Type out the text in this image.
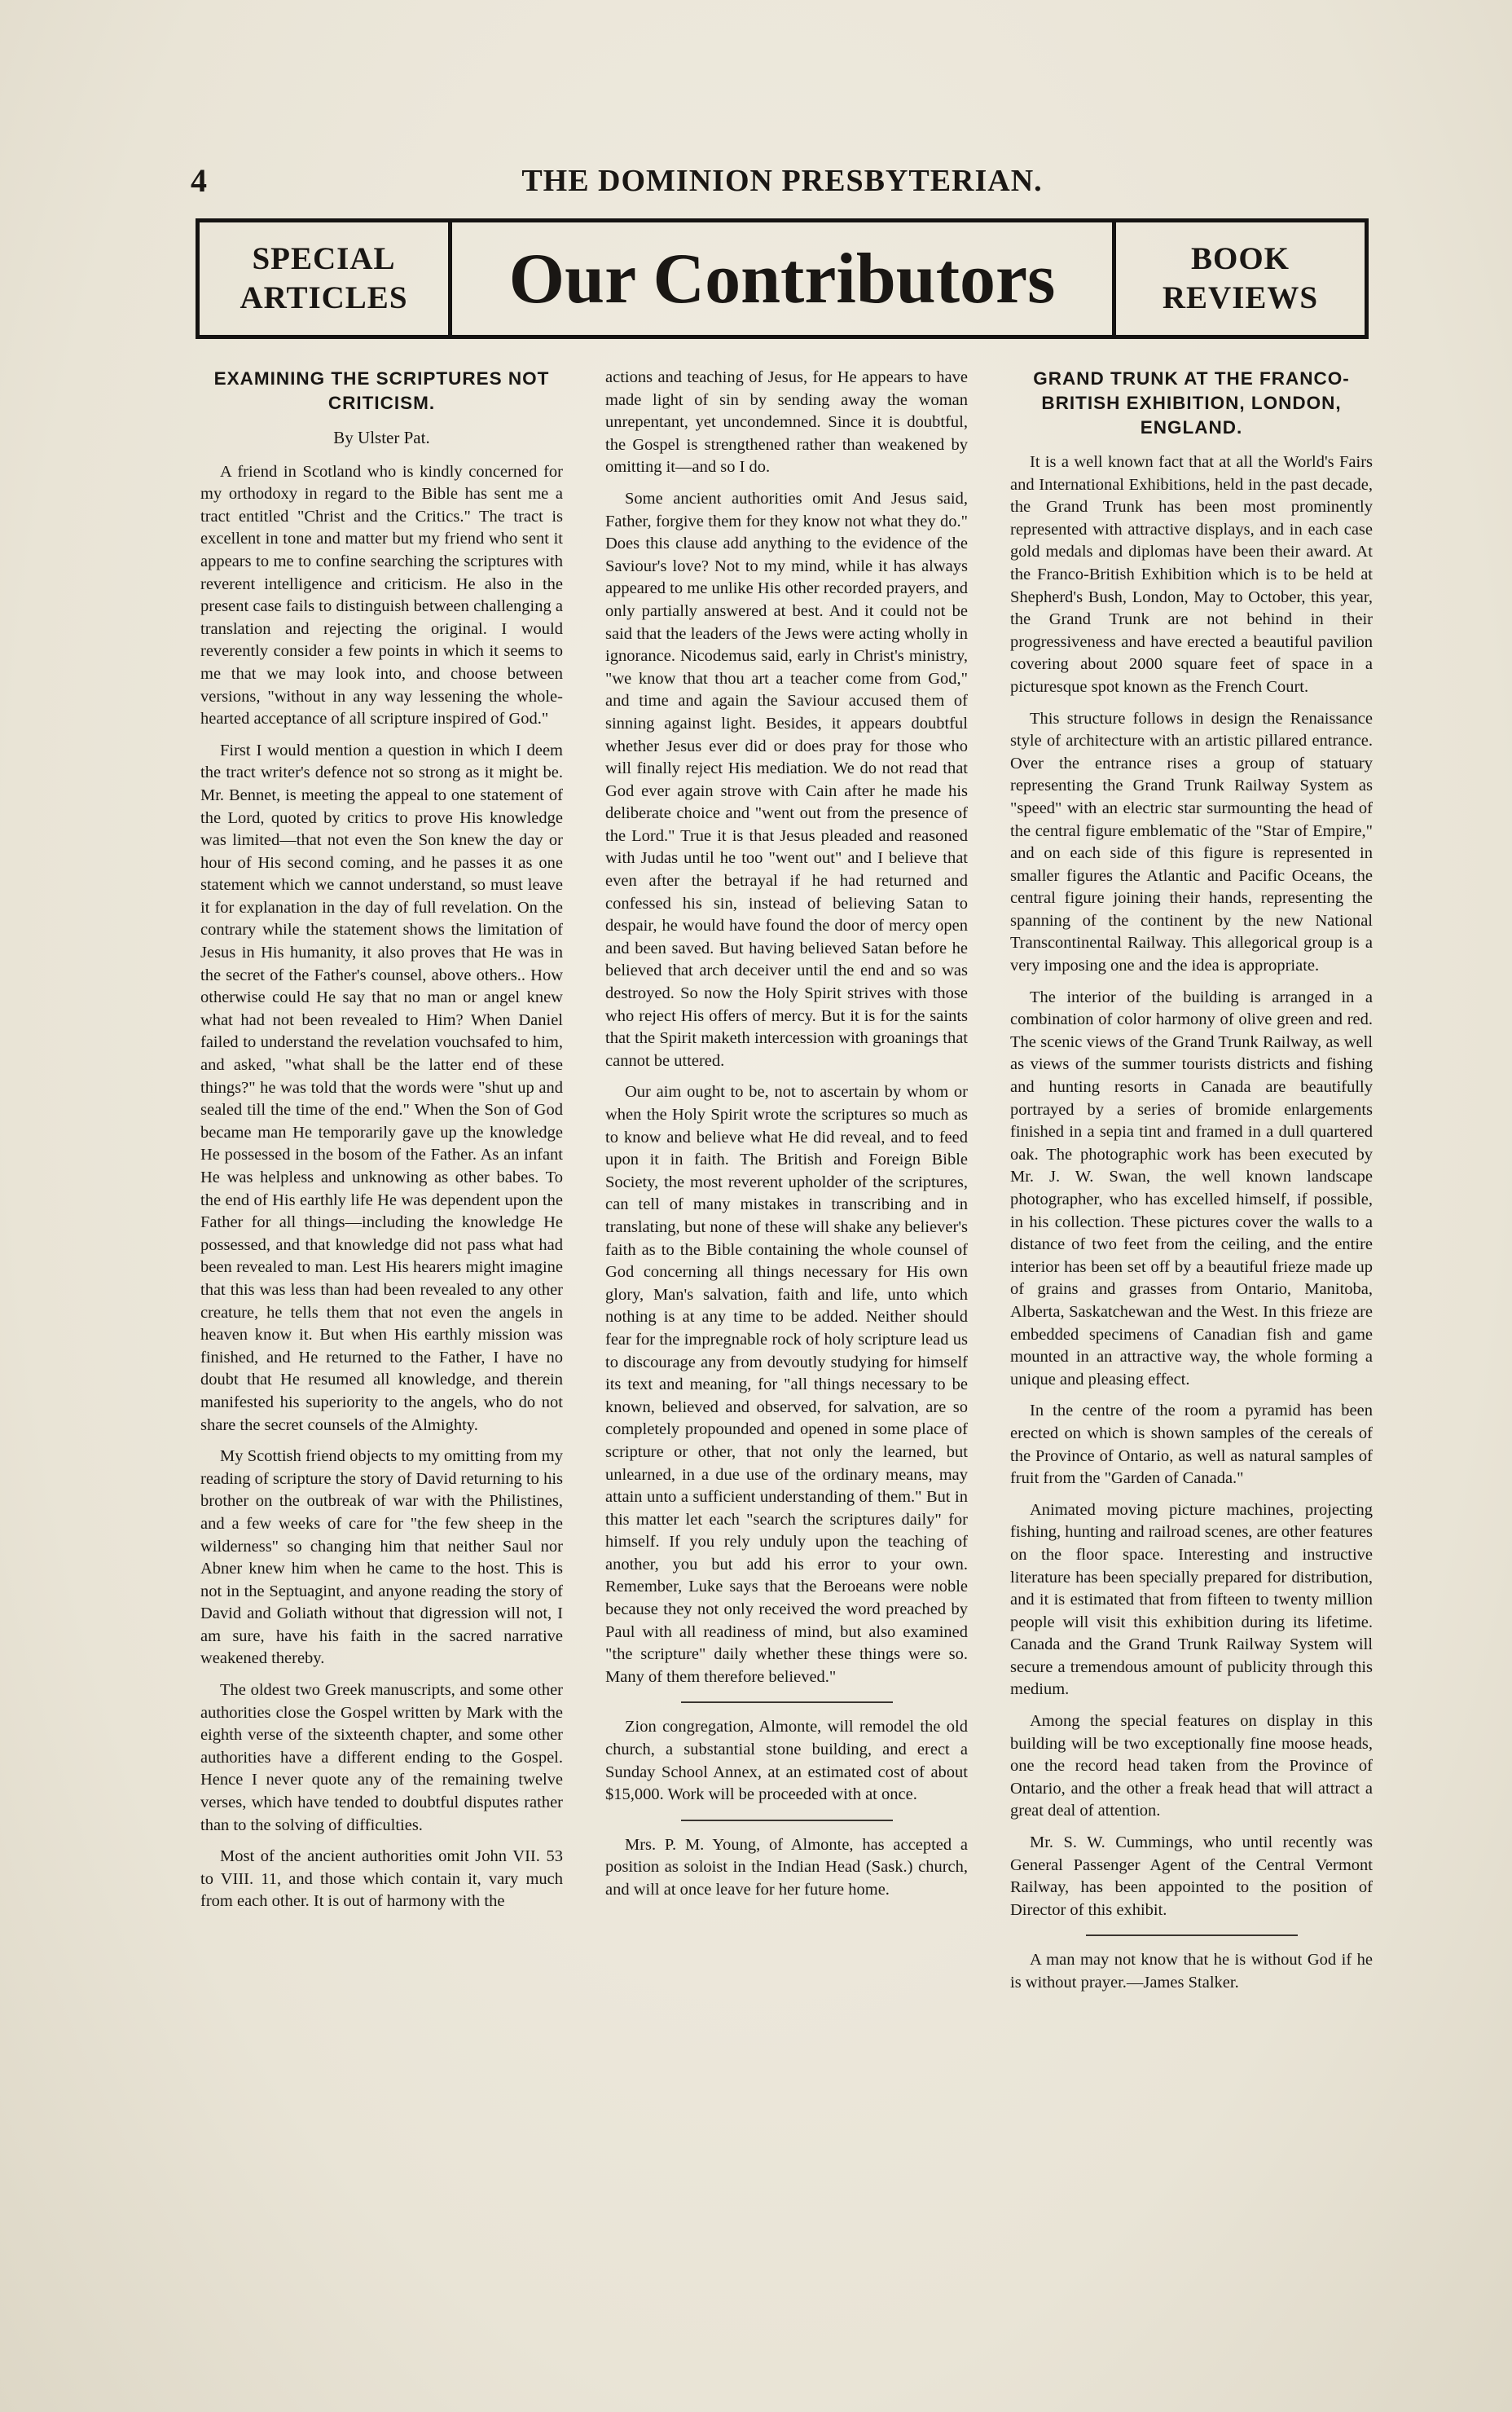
4	THE DOMINION PRESBYTERIAN.
SPECIAL
ARTICLES	Our Contributors	BOOK
REVIEWS
EXAMINING THE SCRIPTURES NOT CRITICISM.
By Ulster Pat.

A friend in Scotland who is kindly concerned for my orthodoxy in regard to the Bible has sent me a tract entitled "Christ and the Critics." The tract is excellent in tone and matter but my friend who sent it appears to me to confine searching the scriptures with reverent intelligence and criticism. He also in the present case fails to distinguish between challenging a translation and rejecting the original. I would reverently consider a few points in which it seems to me that we may look into, and choose between versions, "without in any way lessening the whole-hearted acceptance of all scripture inspired of God."

First I would mention a question in which I deem the tract writer's defence not so strong as it might be. Mr. Bennet, is meeting the appeal to one statement of the Lord, quoted by critics to prove His knowledge was limited—that not even the Son knew the day or hour of His second coming, and he passes it as one statement which we cannot understand, so must leave it for explanation in the day of full revelation. On the contrary while the statement shows the limitation of Jesus in His humanity, it also proves that He was in the secret of the Father's counsel, above others.. How otherwise could He say that no man or angel knew what had not been revealed to Him? When Daniel failed to understand the revelation vouchsafed to him, and asked, "what shall be the latter end of these things?" he was told that the words were "shut up and sealed till the time of the end." When the Son of God became man He temporarily gave up the knowledge He possessed in the bosom of the Father. As an infant He was helpless and unknowing as other babes. To the end of His earthly life He was dependent upon the Father for all things—including the knowledge He possessed, and that knowledge did not pass what had been revealed to man. Lest His hearers might imagine that this was less than had been revealed to any other creature, he tells them that not even the angels in heaven know it. But when His earthly mission was finished, and He returned to the Father, I have no doubt that He resumed all knowledge, and therein manifested his superiority to the angels, who do not share the secret counsels of the Almighty.

My Scottish friend objects to my omitting from my reading of scripture the story of David returning to his brother on the outbreak of war with the Philistines, and a few weeks of care for "the few sheep in the wilderness" so changing him that neither Saul nor Abner knew him when he came to the host. This is not in the Septuagint, and anyone reading the story of David and Goliath without that digression will not, I am sure, have his faith in the sacred narrative weakened thereby.

The oldest two Greek manuscripts, and some other authorities close the Gospel written by Mark with the eighth verse of the sixteenth chapter, and some other authorities have a different ending to the Gospel. Hence I never quote any of the remaining twelve verses, which have tended to doubtful disputes rather than to the solving of difficulties.

Most of the ancient authorities omit John VII. 53 to VIII. 11, and those which contain it, vary much from each other. It is out of harmony with the

actions and teaching of Jesus, for He appears to have made light of sin by sending away the woman unrepentant, yet uncondemned. Since it is doubtful, the Gospel is strengthened rather than weakened by omitting it—and so I do.

Some ancient authorities omit And Jesus said, Father, forgive them for they know not what they do." Does this clause add anything to the evidence of the Saviour's love? Not to my mind, while it has always appeared to me unlike His other recorded prayers, and only partially answered at best. And it could not be said that the leaders of the Jews were acting wholly in ignorance. Nicodemus said, early in Christ's ministry, "we know that thou art a teacher come from God," and time and again the Saviour accused them of sinning against light. Besides, it appears doubtful whether Jesus ever did or does pray for those who will finally reject His mediation. We do not read that God ever again strove with Cain after he made his deliberate choice and "went out from the presence of the Lord." True it is that Jesus pleaded and reasoned with Judas until he too "went out" and I believe that even after the betrayal if he had returned and confessed his sin, instead of believing Satan to despair, he would have found the door of mercy open and been saved. But having believed Satan before he believed that arch deceiver until the end and so was destroyed. So now the Holy Spirit strives with those who reject His offers of mercy. But it is for the saints that the Spirit maketh intercession with groanings that cannot be uttered.

Our aim ought to be, not to ascertain by whom or when the Holy Spirit wrote the scriptures so much as to know and believe what He did reveal, and to feed upon it in faith. The British and Foreign Bible Society, the most reverent upholder of the scriptures, can tell of many mistakes in transcribing and in translating, but none of these will shake any believer's faith as to the Bible containing the whole counsel of God concerning all things necessary for His own glory, Man's salvation, faith and life, unto which nothing is at any time to be added. Neither should fear for the impregnable rock of holy scripture lead us to discourage any from devoutly studying for himself its text and meaning, for "all things necessary to be known, believed and observed, for salvation, are so completely propounded and opened in some place of scripture or other, that not only the learned, but unlearned, in a due use of the ordinary means, may attain unto a sufficient understanding of them." But in this matter let each "search the scriptures daily" for himself. If you rely unduly upon the teaching of another, you but add his error to your own. Remember, Luke says that the Beroeans were noble because they not only received the word preached by Paul with all readiness of mind, but also examined "the scripture" daily whether these things were so. Many of them therefore believed."

Zion congregation, Almonte, will remodel the old church, a substantial stone building, and erect a Sunday School Annex, at an estimated cost of about $15,000. Work will be proceeded with at once.

Mrs. P. M. Young, of Almonte, has accepted a position as soloist in the Indian Head (Sask.) church, and will at once leave for her future home.

GRAND TRUNK AT THE FRANCO-BRITISH EXHIBITION, LONDON, ENGLAND.

It is a well known fact that at all the World's Fairs and International Exhibitions, held in the past decade, the Grand Trunk has been most prominently represented with attractive displays, and in each case gold medals and diplomas have been their award. At the Franco-British Exhibition which is to be held at Shepherd's Bush, London, May to October, this year, the Grand Trunk are not behind in their progressiveness and have erected a beautiful pavilion covering about 2000 square feet of space in a picturesque spot known as the French Court.

This structure follows in design the Renaissance style of architecture with an artistic pillared entrance. Over the entrance rises a group of statuary representing the Grand Trunk Railway System as "speed" with an electric star surmounting the head of the central figure emblematic of the "Star of Empire," and on each side of this figure is represented in smaller figures the Atlantic and Pacific Oceans, the central figure joining their hands, representing the spanning of the continent by the new National Transcontinental Railway. This allegorical group is a very imposing one and the idea is appropriate.

The interior of the building is arranged in a combination of color harmony of olive green and red. The scenic views of the Grand Trunk Railway, as well as views of the summer tourists districts and fishing and hunting resorts in Canada are beautifully portrayed by a series of bromide enlargements finished in a sepia tint and framed in a dull quartered oak. The photographic work has been executed by Mr. J. W. Swan, the well known landscape photographer, who has excelled himself, if possible, in his collection. These pictures cover the walls to a distance of two feet from the ceiling, and the entire interior has been set off by a beautiful frieze made up of grains and grasses from Ontario, Manitoba, Alberta, Saskatchewan and the West. In this frieze are embedded specimens of Canadian fish and game mounted in an attractive way, the whole forming a unique and pleasing effect.

In the centre of the room a pyramid has been erected on which is shown samples of the cereals of the Province of Ontario, as well as natural samples of fruit from the "Garden of Canada."

Animated moving picture machines, projecting fishing, hunting and railroad scenes, are other features on the floor space. Interesting and instructive literature has been specially prepared for distribution, and it is estimated that from fifteen to twenty million people will visit this exhibition during its lifetime. Canada and the Grand Trunk Railway System will secure a tremendous amount of publicity through this medium.

Among the special features on display in this building will be two exceptionally fine moose heads, one the record head taken from the Province of Ontario, and the other a freak head that will attract a great deal of attention.

Mr. S. W. Cummings, who until recently was General Passenger Agent of the Central Vermont Railway, has been appointed to the position of Director of this exhibit.

A man may not know that he is without God if he is without prayer.—James Stalker.
